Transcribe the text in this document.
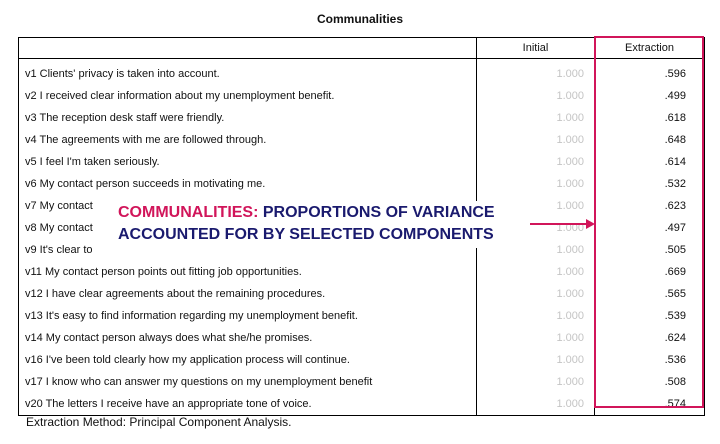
Communalities
	Initial	Extraction
v1 Clients' privacy is taken into account.	1.000	.596
v2 I received clear information about my unemployment benefit.	1.000	.499
v3 The reception desk staff were friendly.	1.000	.618
v4 The agreements with me are followed through.	1.000	.648
v5 I feel I'm taken seriously.	1.000	.614
v6 My contact person succeeds in motivating me.	1.000	.532
v7 My contact	1.000	.623
v8 My contact	1.000	.497
v9 It's clear to	1.000	.505
v11 My contact person points out fitting job opportunities.	1.000	.669
v12 I have clear agreements about the remaining procedures.	1.000	.565
v13 It's easy to find information regarding my unemployment benefit.	1.000	.539
v14 My contact person always does what she/he promises.	1.000	.624
v16 I've been told clearly how my application process will continue.	1.000	.536
v17 I know who can answer my questions on my unemployment benefit	1.000	.508
v20 The letters I receive have an appropriate tone of voice.	1.000	.574
COMMUNALITIES: PROPORTIONS OF VARIANCE
ACCOUNTED FOR BY SELECTED COMPONENTS
Extraction Method: Principal Component Analysis.
